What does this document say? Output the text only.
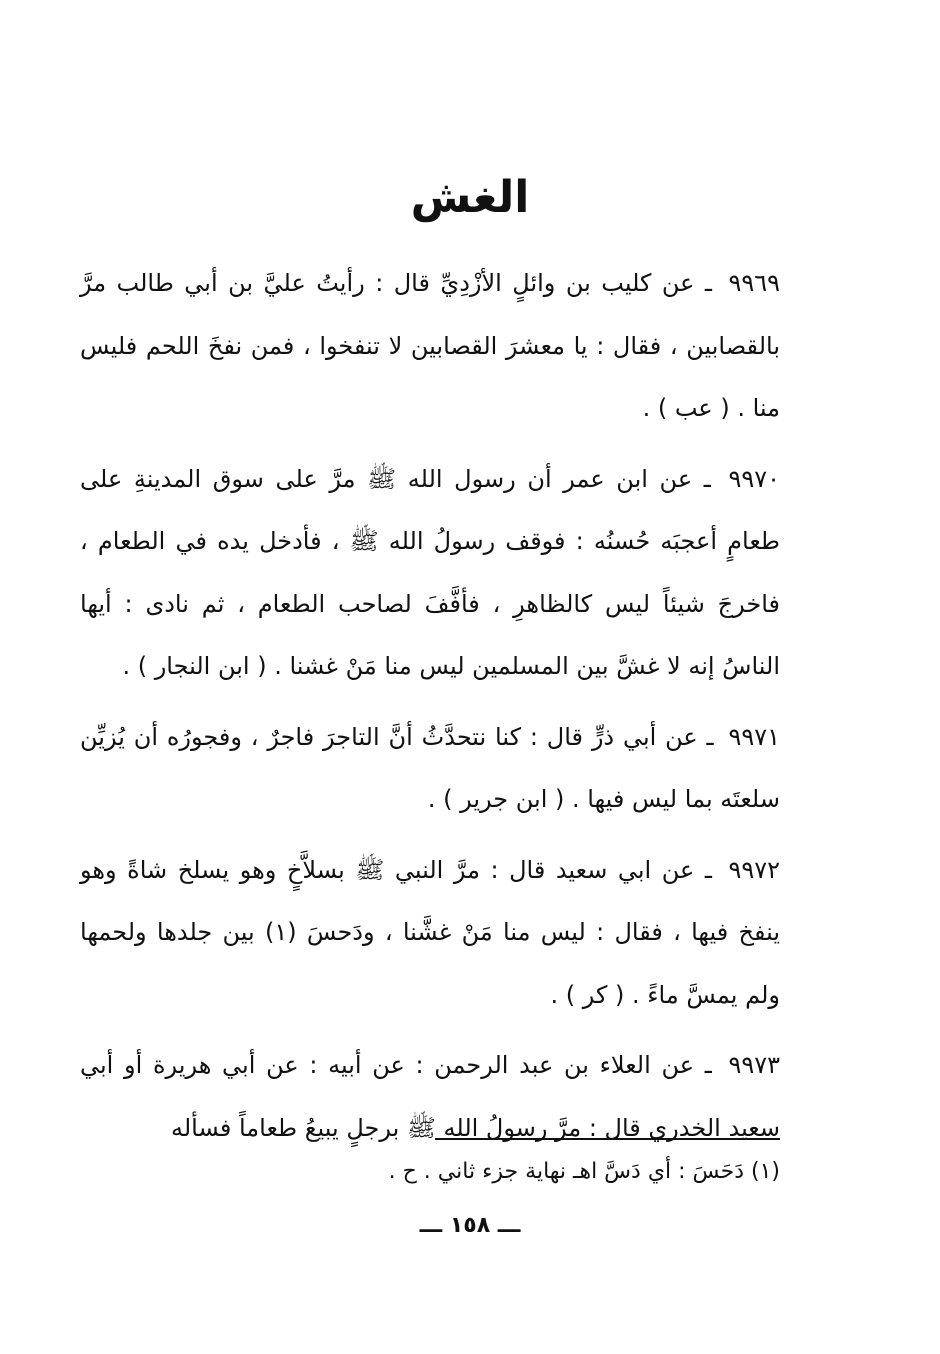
الغش

٩٩٦٩ ـ عن كليب بن وائلٍ الأزْدِيِّ قال : رأيتُ عليَّ بن أبي طالب مرَّ بالقصابين ، فقال : يا معشرَ القصابين لا تنفخوا ، فمن نفخَ اللحم فليس منا . ( عب ) .

٩٩٧٠ ـ عن ابن عمر أن رسول الله ﷺ مرَّ على سوق المدينةِ على طعامٍ أعجبَه حُسنُه : فوقف رسولُ الله ﷺ ، فأدخل يده في الطعام ، فاخرجَ شيئاً ليس كالظاهرِ ، فأفَّفَ لصاحب الطعام ، ثم نادى : أيها الناسُ إنه لا غشَّ بين المسلمين ليس منا مَنْ غشنا . ( ابن النجار ) .

٩٩٧١ ـ عن أبي ذرٍّ قال : كنا نتحدَّثُ أنَّ التاجرَ فاجرٌ ، وفجورُه أن يُزيِّن سلعتَه بما ليس فيها . ( ابن جرير ) .

٩٩٧٢ ـ عن ابي سعيد قال : مرَّ النبي ﷺ بسلاَّخٍ وهو يسلخ شاةً وهو ينفخ فيها ، فقال : ليس منا مَنْ غشَّنا ، ودَحسَ (١) بين جلدها ولحمها ولم يمسَّ ماءً . ( كر ) .

٩٩٧٣ ـ عن العلاء بن عبد الرحمن : عن أبيه : عن أبي هريرة أو أبي سعيد الخدري قال : مرَّ رسولُ الله ﷺ برجلٍ يبيعُ طعاماً فسأله

(١) دَحَسَ : أي دَسَّ اهـ نهاية جزء ثاني . ح .
ـــ ١٥٨ ـــ
